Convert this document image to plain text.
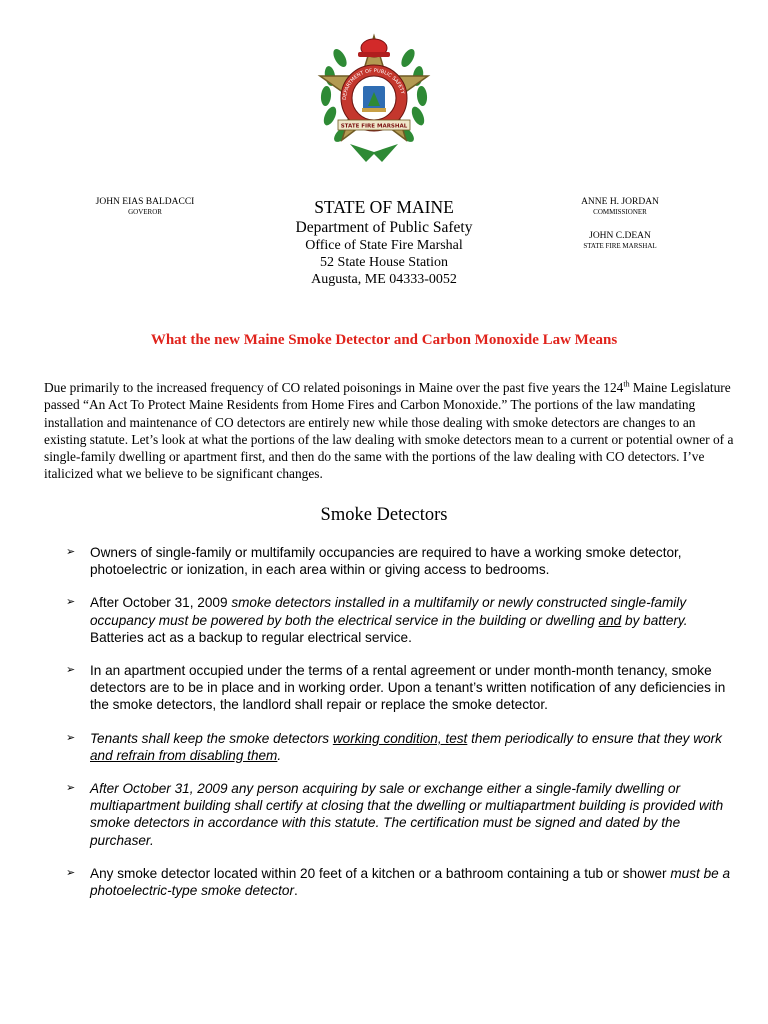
DEPARTMENT OF PUBLIC SAFETY
STATE FIRE MARSHAL
JOHN EIAS BALDACCI
GOVEROR	STATE OF MAINE
Department of Public Safety
Office of State Fire Marshal
52 State House Station
Augusta, ME 04333-0052
ANNE H. JORDAN
COMMISSIONER
JOHN C.DEAN
STATE FIRE MARSHAL
What the new Maine Smoke Detector and Carbon Monoxide Law Means

Due primarily to the increased frequency of CO related poisonings in Maine over the past five years the 124th Maine Legislature passed “An Act To Protect Maine Residents from Home Fires and Carbon Monoxide.” The portions of the law mandating installation and maintenance of CO detectors are entirely new while those dealing with smoke detectors are changes to an existing statute. Let’s look at what the portions of the law dealing with smoke detectors mean to a current or potential owner of a single-family dwelling or apartment first, and then do the same with the portions of the law dealing with CO detectors. I’ve italicized what we believe to be significant changes.

Smoke Detectors
➢ Owners of single-family or multifamily occupancies are required to have a working smoke detector, photoelectric or ionization, in each area within or giving access to bedrooms.
➢ After October 31, 2009 smoke detectors installed in a multifamily or newly constructed single-family occupancy must be powered by both the electrical service in the building or dwelling and by battery. Batteries act as a backup to regular electrical service.
➢ In an apartment occupied under the terms of a rental agreement or under month-month tenancy, smoke detectors are to be in place and in working order. Upon a tenant’s written notification of any deficiencies in the smoke detectors, the landlord shall repair or replace the smoke detector.
➢ Tenants shall keep the smoke detectors working condition, test them periodically to ensure that they work and refrain from disabling them.
➢ After October 31, 2009 any person acquiring by sale or exchange either a single-family dwelling or multiapartment building shall certify at closing that the dwelling or multiapartment building is provided with smoke detectors in accordance with this statute. The certification must be signed and dated by the purchaser.
➢ Any smoke detector located within 20 feet of a kitchen or a bathroom containing a tub or shower must be a photoelectric-type smoke detector.
